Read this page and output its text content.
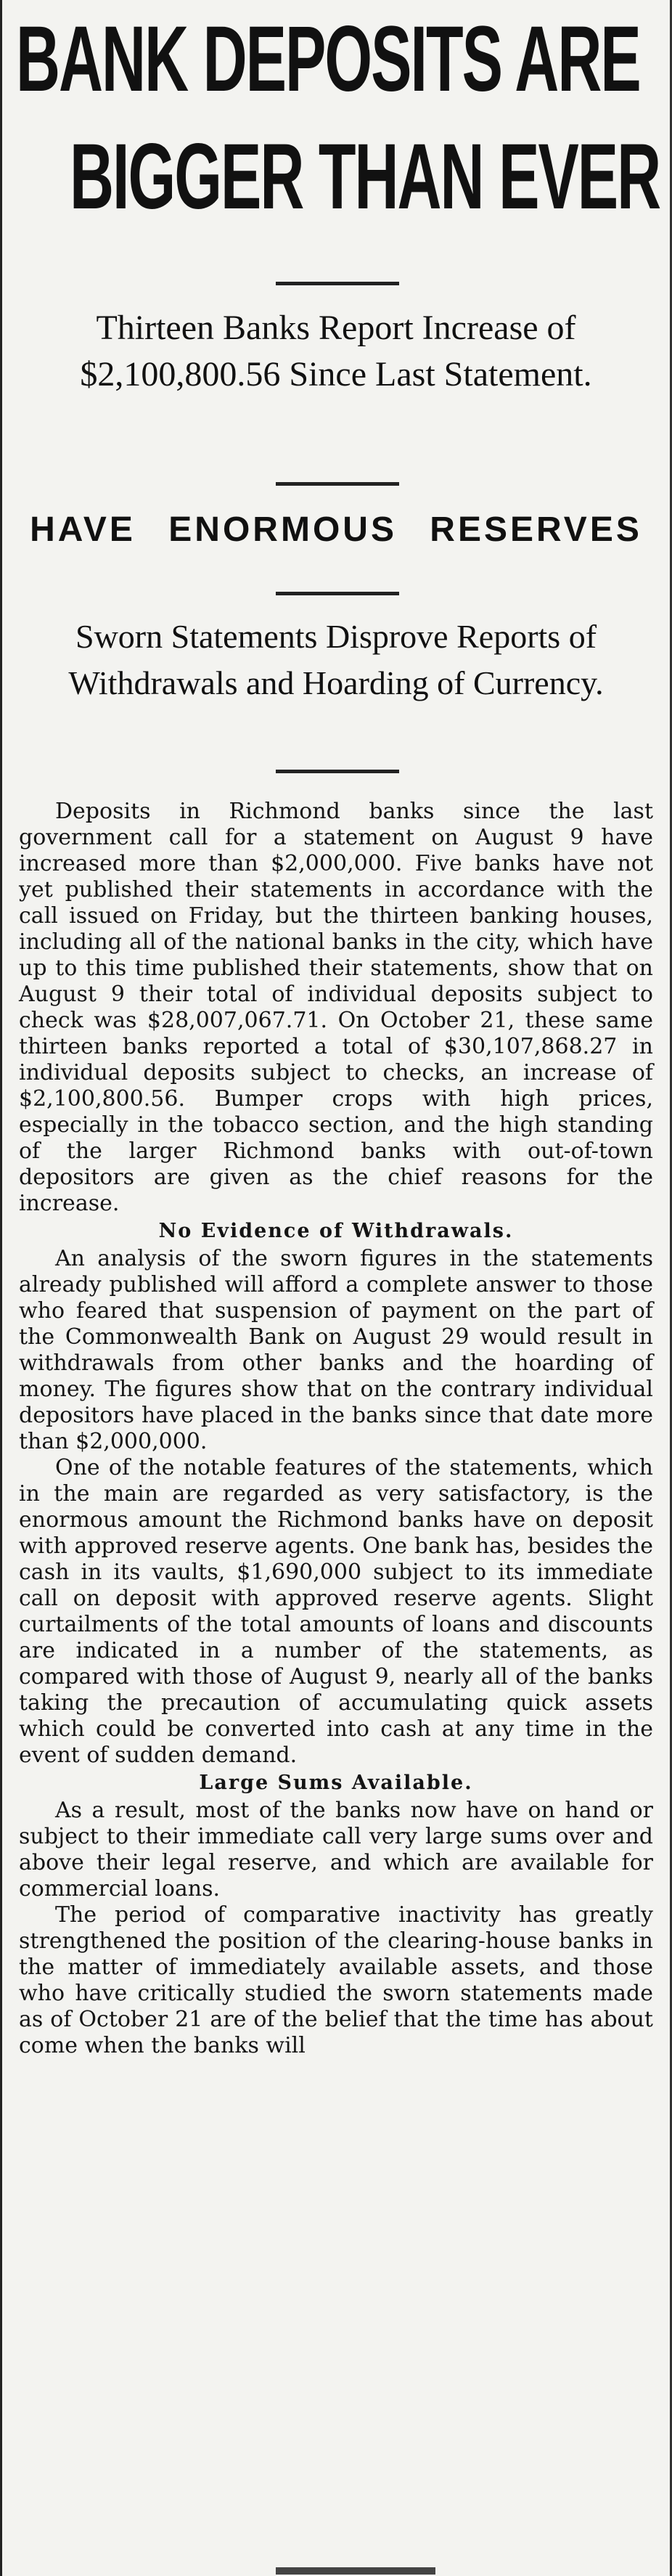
BANK DEPOSITS ARE
BIGGER THAN EVER
Thirteen Banks Report Increase of $2,100,800.56 Since Last Statement.
HAVE ENORMOUS RESERVES
Sworn Statements Disprove Reports of Withdrawals and Hoarding of Currency.

Deposits in Richmond banks since the last government call for a statement on August 9 have increased more than $2,000,000. Five banks have not yet published their statements in accordance with the call issued on Friday, but the thirteen banking houses, including all of the national banks in the city, which have up to this time published their statements, show that on August 9 their total of individual deposits subject to check was $28,007,067.71. On October 21, these same thirteen banks reported a total of $30,107,868.27 in individual deposits subject to checks, an increase of $2,100,800.56. Bumper crops with high prices, especially in the tobacco section, and the high standing of the larger Richmond banks with out-of-town depositors are given as the chief reasons for the increase.

No Evidence of Withdrawals.

An analysis of the sworn figures in the statements already published will afford a complete answer to those who feared that suspension of payment on the part of the Commonwealth Bank on August 29 would result in withdrawals from other banks and the hoarding of money. The figures show that on the contrary individual depositors have placed in the banks since that date more than $2,000,000.

One of the notable features of the statements, which in the main are regarded as very satisfactory, is the enormous amount the Richmond banks have on deposit with approved reserve agents. One bank has, besides the cash in its vaults, $1,690,000 subject to its immediate call on deposit with approved reserve agents. Slight curtailments of the total amounts of loans and discounts are indicated in a number of the statements, as compared with those of August 9, nearly all of the banks taking the precaution of accumulating quick assets which could be converted into cash at any time in the event of sudden demand.

Large Sums Available.

As a result, most of the banks now have on hand or subject to their immediate call very large sums over and above their legal reserve, and which are available for commercial loans.

The period of comparative inactivity has greatly strengthened the position of the clearing-house banks in the matter of immediately available assets, and those who have critically studied the sworn statements made as of October 21 are of the belief that the time has about come when the banks will
